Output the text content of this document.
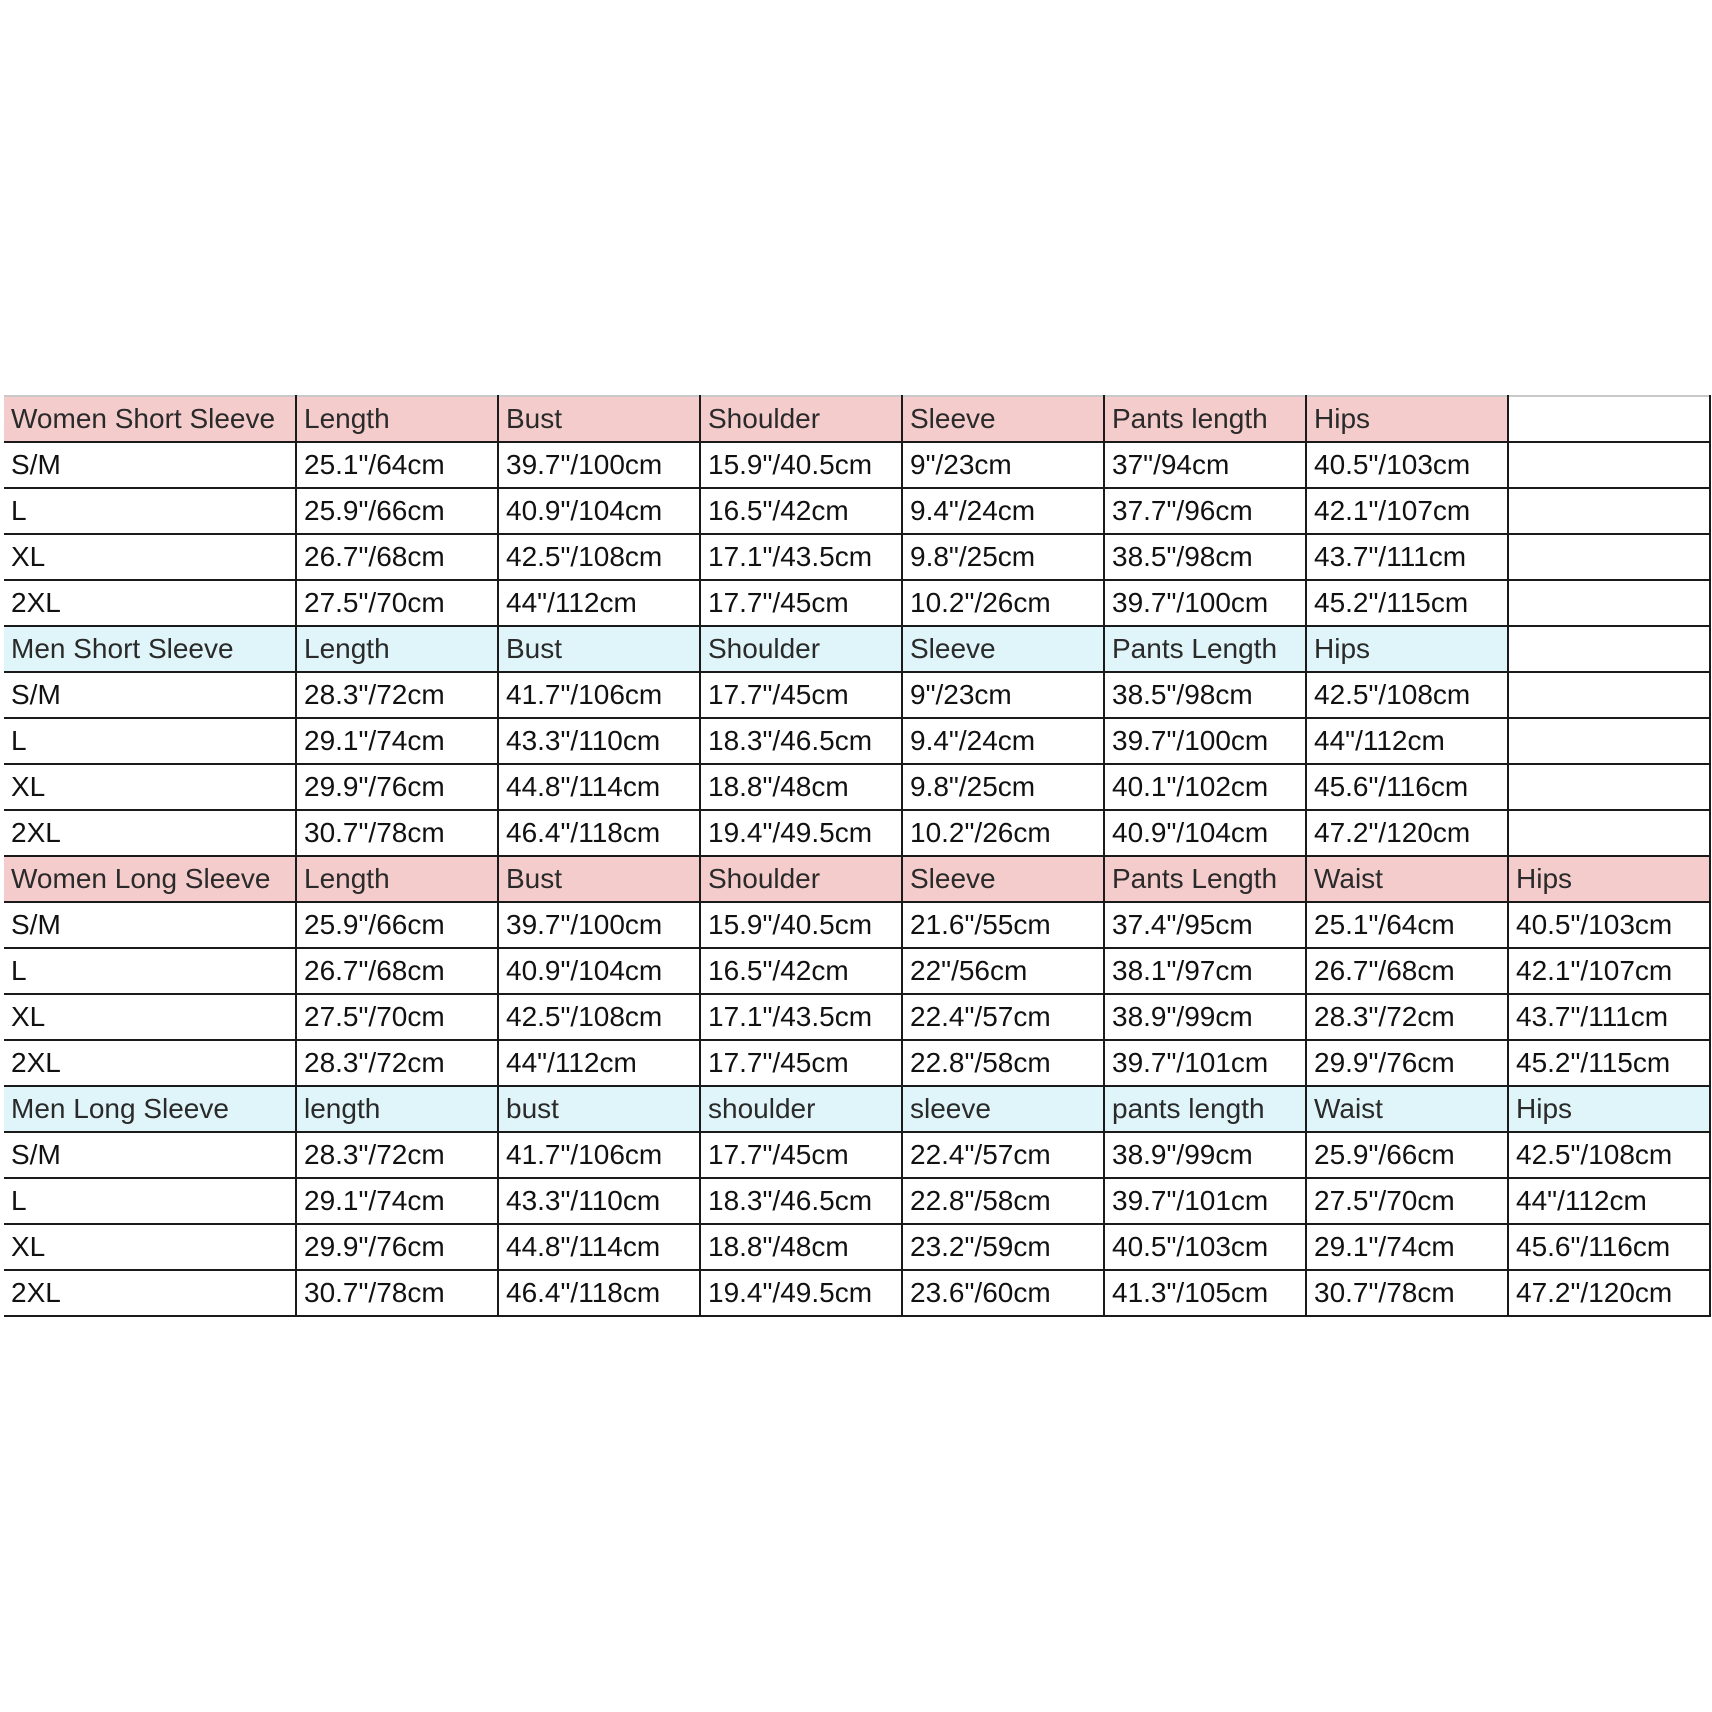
Women Short Sleeve	Length	Bust	Shoulder	Sleeve	Pants length	Hips	
S/M	25.1"/64cm	39.7"/100cm	15.9"/40.5cm	9"/23cm	37"/94cm	40.5"/103cm	
L	25.9"/66cm	40.9"/104cm	16.5"/42cm	9.4"/24cm	37.7"/96cm	42.1"/107cm	
XL	26.7"/68cm	42.5"/108cm	17.1"/43.5cm	9.8"/25cm	38.5"/98cm	43.7"/111cm	
2XL	27.5"/70cm	44"/112cm	17.7"/45cm	10.2"/26cm	39.7"/100cm	45.2"/115cm	
Men Short Sleeve	Length	Bust	Shoulder	Sleeve	Pants Length	Hips	
S/M	28.3"/72cm	41.7"/106cm	17.7"/45cm	9"/23cm	38.5"/98cm	42.5"/108cm	
L	29.1"/74cm	43.3"/110cm	18.3"/46.5cm	9.4"/24cm	39.7"/100cm	44"/112cm	
XL	29.9"/76cm	44.8"/114cm	18.8"/48cm	9.8"/25cm	40.1"/102cm	45.6"/116cm	
2XL	30.7"/78cm	46.4"/118cm	19.4"/49.5cm	10.2"/26cm	40.9"/104cm	47.2"/120cm	
Women Long Sleeve	Length	Bust	Shoulder	Sleeve	Pants Length	Waist	Hips
S/M	25.9"/66cm	39.7"/100cm	15.9"/40.5cm	21.6"/55cm	37.4"/95cm	25.1"/64cm	40.5"/103cm
L	26.7"/68cm	40.9"/104cm	16.5"/42cm	22"/56cm	38.1"/97cm	26.7"/68cm	42.1"/107cm
XL	27.5"/70cm	42.5"/108cm	17.1"/43.5cm	22.4"/57cm	38.9"/99cm	28.3"/72cm	43.7"/111cm
2XL	28.3"/72cm	44"/112cm	17.7"/45cm	22.8"/58cm	39.7"/101cm	29.9"/76cm	45.2"/115cm
Men Long Sleeve	length	bust	shoulder	sleeve	pants length	Waist	Hips
S/M	28.3"/72cm	41.7"/106cm	17.7"/45cm	22.4"/57cm	38.9"/99cm	25.9"/66cm	42.5"/108cm
L	29.1"/74cm	43.3"/110cm	18.3"/46.5cm	22.8"/58cm	39.7"/101cm	27.5"/70cm	44"/112cm
XL	29.9"/76cm	44.8"/114cm	18.8"/48cm	23.2"/59cm	40.5"/103cm	29.1"/74cm	45.6"/116cm
2XL	30.7"/78cm	46.4"/118cm	19.4"/49.5cm	23.6"/60cm	41.3"/105cm	30.7"/78cm	47.2"/120cm
